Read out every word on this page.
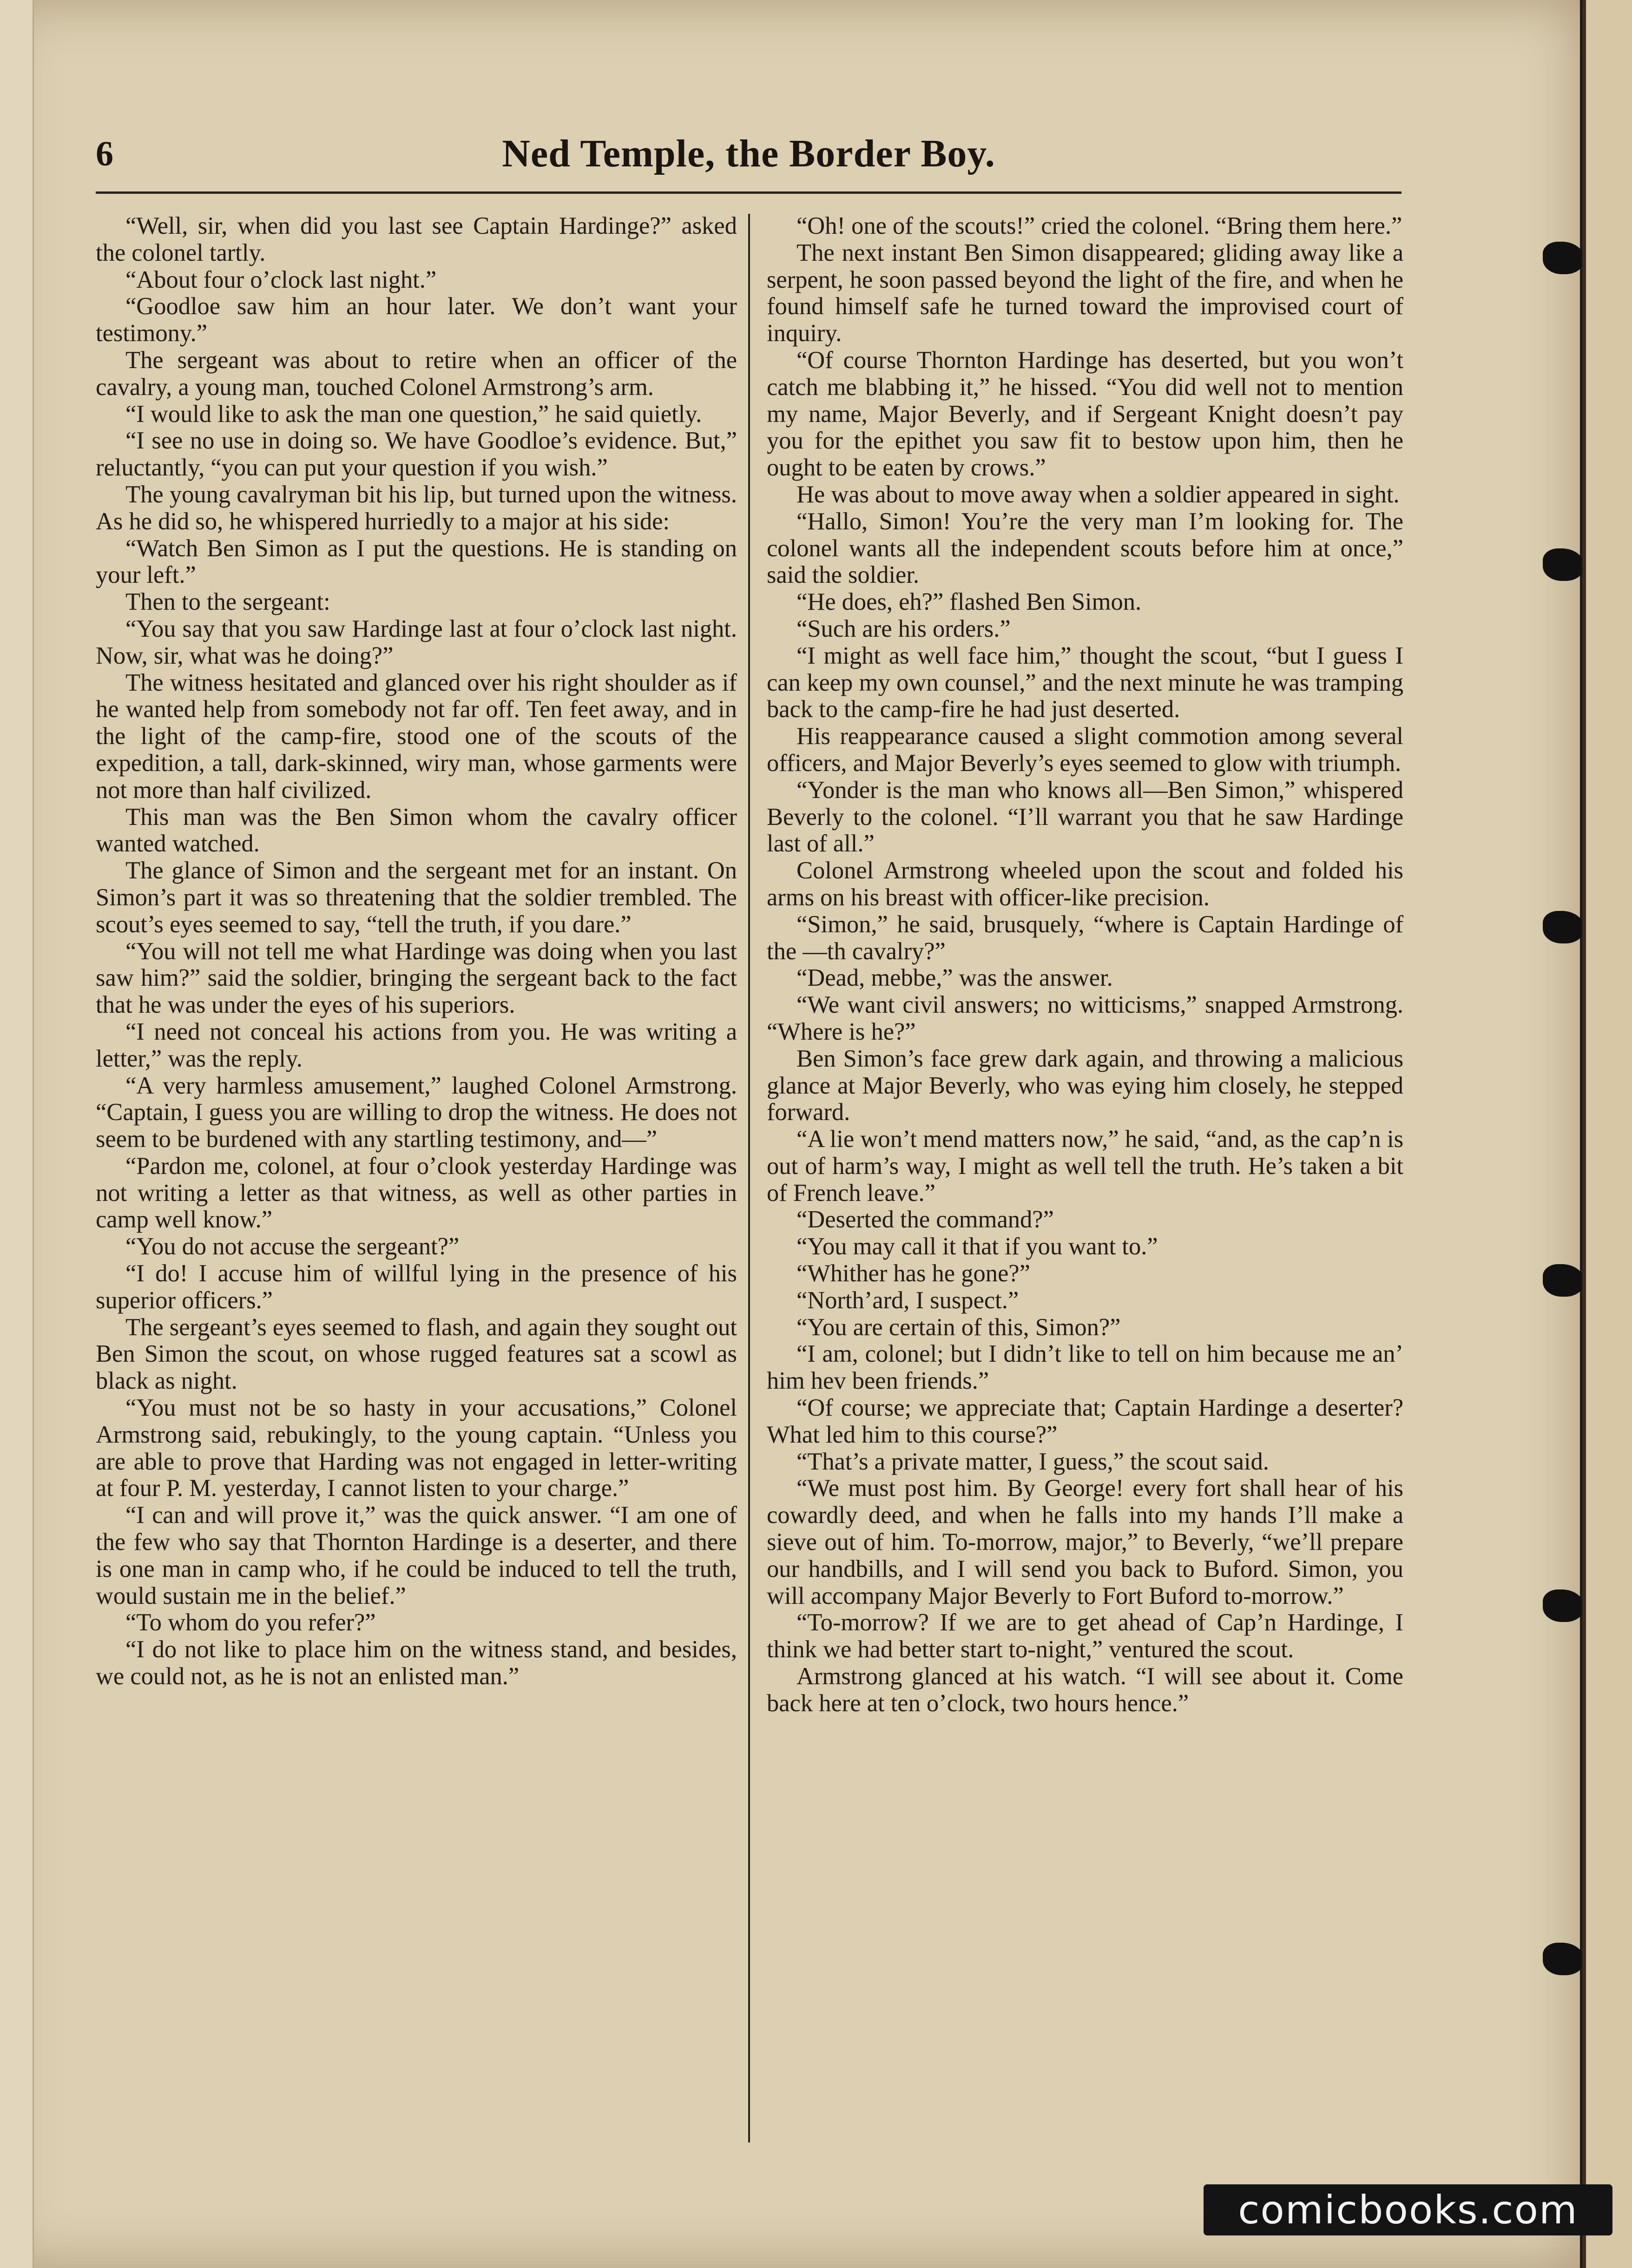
6	Ned Temple, the Border Boy.

“Well, sir, when did you last see Captain Hardinge?” asked the colonel tartly.

“About four o’clock last night.”

“Goodloe saw him an hour later. We don’t want your testimony.”

The sergeant was about to retire when an officer of the cavalry, a young man, touched Colonel Armstrong’s arm.

“I would like to ask the man one question,” he said quietly.

“I see no use in doing so. We have Goodloe’s evidence. But,” reluctantly, “you can put your question if you wish.”

The young cavalryman bit his lip, but turned upon the witness. As he did so, he whispered hurriedly to a major at his side:

“Watch Ben Simon as I put the questions. He is standing on your left.”

Then to the sergeant:

“You say that you saw Hardinge last at four o’clock last night. Now, sir, what was he doing?”

The witness hesitated and glanced over his right shoulder as if he wanted help from somebody not far off. Ten feet away, and in the light of the camp-fire, stood one of the scouts of the expedition, a tall, dark-skinned, wiry man, whose garments were not more than half civilized.

This man was the Ben Simon whom the cavalry officer wanted watched.

The glance of Simon and the sergeant met for an instant. On Simon’s part it was so threatening that the soldier trembled. The scout’s eyes seemed to say, “tell the truth, if you dare.”

“You will not tell me what Hardinge was doing when you last saw him?” said the soldier, bringing the sergeant back to the fact that he was under the eyes of his superiors.

“I need not conceal his actions from you. He was writing a letter,” was the reply.

“A very harmless amusement,” laughed Colonel Armstrong. “Captain, I guess you are willing to drop the witness. He does not seem to be burdened with any startling testimony, and—”

“Pardon me, colonel, at four o’clook yesterday Hardinge was not writing a letter as that witness, as well as other parties in camp well know.”

“You do not accuse the sergeant?”

“I do! I accuse him of willful lying in the presence of his superior officers.”

The sergeant’s eyes seemed to flash, and again they sought out Ben Simon the scout, on whose rugged features sat a scowl as black as night.

“You must not be so hasty in your accusations,” Colonel Armstrong said, rebukingly, to the young captain. “Unless you are able to prove that Harding was not engaged in letter-writing at four P. M. yesterday, I cannot listen to your charge.”

“I can and will prove it,” was the quick answer. “I am one of the few who say that Thornton Hardinge is a deserter, and there is one man in camp who, if he could be induced to tell the truth, would sustain me in the belief.”

“To whom do you refer?”

“I do not like to place him on the witness stand, and besides, we could not, as he is not an enlisted man.”

“Oh! one of the scouts!” cried the colonel. “Bring them here.”

The next instant Ben Simon disappeared; gliding away like a serpent, he soon passed beyond the light of the fire, and when he found himself safe he turned toward the improvised court of inquiry.

“Of course Thornton Hardinge has deserted, but you won’t catch me blabbing it,” he hissed. “You did well not to mention my name, Major Beverly, and if Sergeant Knight doesn’t pay you for the epithet you saw fit to bestow upon him, then he ought to be eaten by crows.”

He was about to move away when a soldier appeared in sight.

“Hallo, Simon! You’re the very man I’m looking for. The colonel wants all the independent scouts before him at once,” said the soldier.

“He does, eh?” flashed Ben Simon.

“Such are his orders.”

“I might as well face him,” thought the scout, “but I guess I can keep my own counsel,” and the next minute he was tramping back to the camp-fire he had just deserted.

His reappearance caused a slight commotion among several officers, and Major Beverly’s eyes seemed to glow with triumph.

“Yonder is the man who knows all—Ben Simon,” whispered Beverly to the colonel. “I’ll warrant you that he saw Hardinge last of all.”

Colonel Armstrong wheeled upon the scout and folded his arms on his breast with officer-like precision.

“Simon,” he said, brusquely, “where is Captain Hardinge of the —th cavalry?”

“Dead, mebbe,” was the answer.

“We want civil answers; no witticisms,” snapped Armstrong. “Where is he?”

Ben Simon’s face grew dark again, and throwing a malicious glance at Major Beverly, who was eying him closely, he stepped forward.

“A lie won’t mend matters now,” he said, “and, as the cap’n is out of harm’s way, I might as well tell the truth. He’s taken a bit of French leave.”

“Deserted the command?”

“You may call it that if you want to.”

“Whither has he gone?”

“North’ard, I suspect.”

“You are certain of this, Simon?”

“I am, colonel; but I didn’t like to tell on him because me an’ him hev been friends.”

“Of course; we appreciate that; Captain Hardinge a deserter? What led him to this course?”

“That’s a private matter, I guess,” the scout said.

“We must post him. By George! every fort shall hear of his cowardly deed, and when he falls into my hands I’ll make a sieve out of him. To-morrow, major,” to Beverly, “we’ll prepare our handbills, and I will send you back to Buford. Simon, you will accompany Major Beverly to Fort Buford to-morrow.”

“To-morrow? If we are to get ahead of Cap’n Hardinge, I think we had better start to-night,” ventured the scout.

Armstrong glanced at his watch. “I will see about it. Come back here at ten o’clock, two hours hence.”

comicbooks.com
